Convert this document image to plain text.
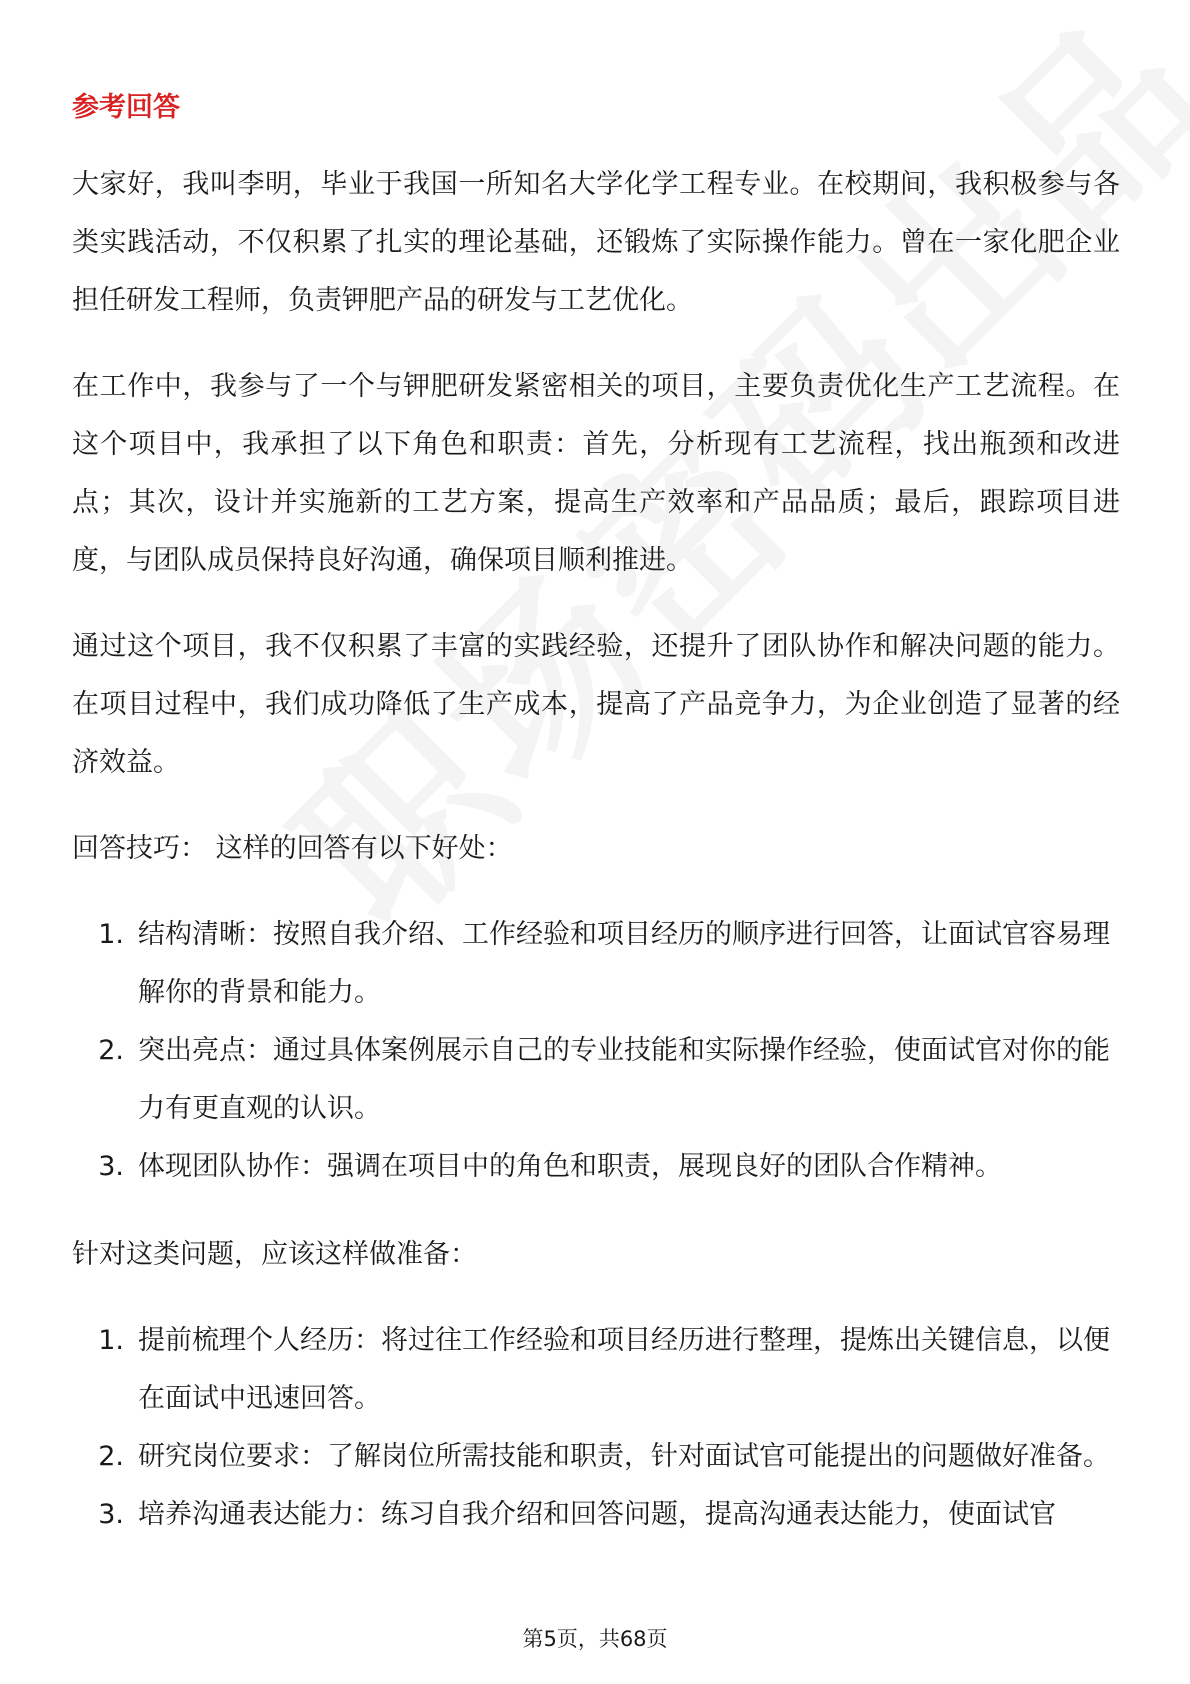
参考回答

大家好，我叫李明，毕业于我国一所知名大学化学工程专业。在校期间，我积极参与各类实践活动，不仅积累了扎实的理论基础，还锻炼了实际操作能力。曾在一家化肥企业担任研发工程师，负责钾肥产品的研发与工艺优化。

在工作中，我参与了一个与钾肥研发紧密相关的项目，主要负责优化生产工艺流程。在这个项目中，我承担了以下角色和职责：首先，分析现有工艺流程，找出瓶颈和改进点；其次，设计并实施新的工艺方案，提高生产效率和产品品质；最后，跟踪项目进度，与团队成员保持良好沟通，确保项目顺利推进。

通过这个项目，我不仅积累了丰富的实践经验，还提升了团队协作和解决问题的能力。在项目过程中，我们成功降低了生产成本，提高了产品竞争力，为企业创造了显著的经济效益。

回答技巧： 这样的回答有以下好处：

1. 结构清晰：按照自我介绍、工作经验和项目经历的顺序进行回答，让面试官容易理解你的背景和能力。
2. 突出亮点：通过具体案例展示自己的专业技能和实际操作经验，使面试官对你的能力有更直观的认识。
3. 体现团队协作：强调在项目中的角色和职责，展现良好的团队合作精神。

针对这类问题，应该这样做准备：

1. 提前梳理个人经历：将过往工作经验和项目经历进行整理，提炼出关键信息，以便在面试中迅速回答。
2. 研究岗位要求：了解岗位所需技能和职责，针对面试官可能提出的问题做好准备。
3. 培养沟通表达能力：练习自我介绍和回答问题，提高沟通表达能力，使面试官
第5页，共68页
